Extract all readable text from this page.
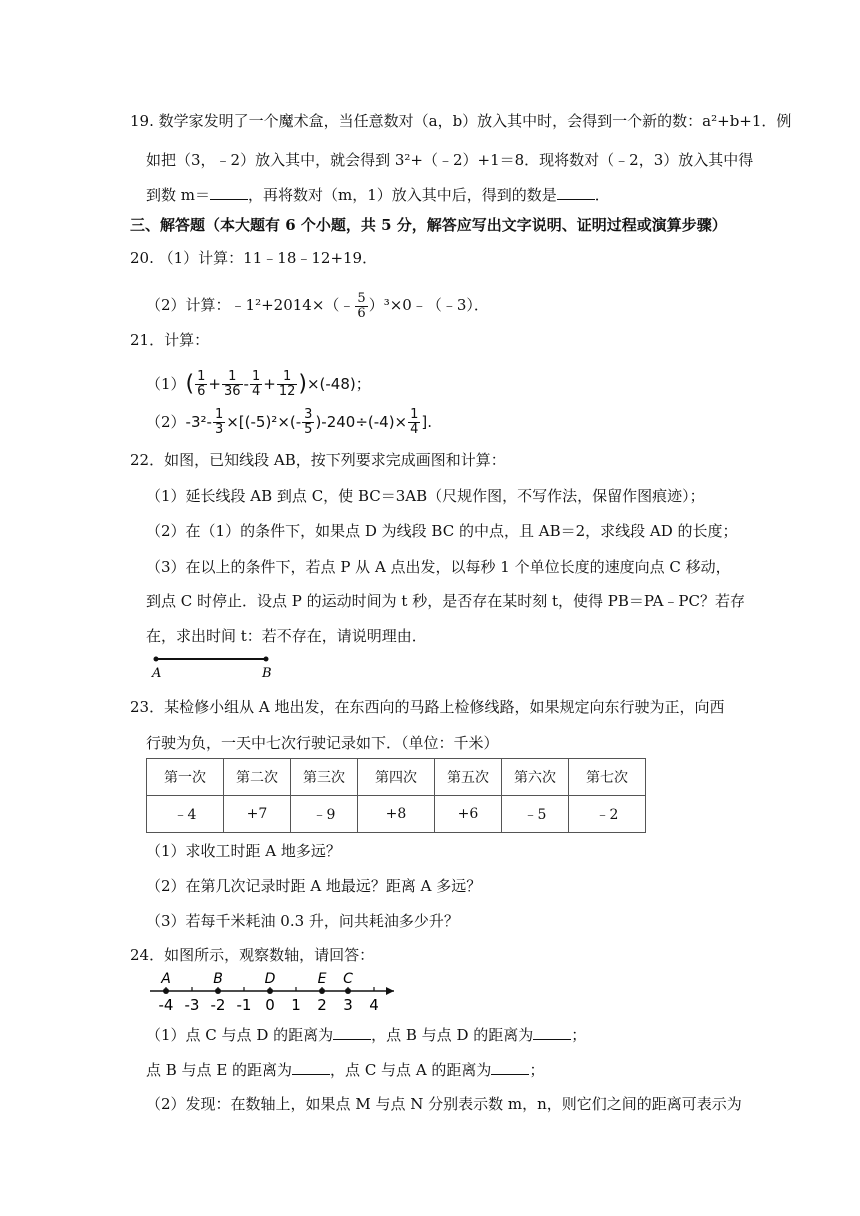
19. 数学家发明了一个魔术盒，当任意数对（a，b）放入其中时，会得到一个新的数：a²+b+1．例
如把（3，﹣2）放入其中，就会得到 3²+（﹣2）+1＝8．现将数对（﹣2，3）放入其中得
到数 m＝	，再将数对（m，1）放入其中后，得到的数是	．
三、解答题（本大题有 6 个小题，共 5 分，解答应写出文字说明、证明过程或演算步骤）
20. （1）计算：11﹣18﹣12+19．
（2）计算：﹣1²+2014×（﹣ $\frac{5}{6}$ ）³×0﹣（﹣3）．
21．计算：
$(1)( \frac{1}{6} + \frac{1}{36} - \frac{1}{4} + \frac{1}{12} )\times(-48)$；
$(2)-3^2- \frac{1}{3} \times[(-5)^2\times(- \frac{3}{5} )-240\div(-4)\times \frac{1}{4}$ ].
22．如图，已知线段 AB，按下列要求完成画图和计算：
（1）延长线段 AB 到点 C，使 BC＝3AB（尺规作图，不写作法，保留作图痕迹）；
（2）在（1）的条件下，如果点 D 为线段 BC 的中点，且 AB＝2，求线段 AD 的长度；
（3）在以上的条件下，若点 P 从 A 点出发，以每秒 1 个单位长度的速度向点 C 移动，
到点 C 时停止．设点 P 的运动时间为 t 秒，是否存在某时刻 t，使得 PB＝PA﹣PC？若存
在，求出时间 t：若不存在，请说明理由．
A	B
23．某检修小组从 A 地出发，在东西向的马路上检修线路，如果规定向东行驶为正，向西
行驶为负，一天中七次行驶记录如下．（单位：千米）
第一次	第二次	第三次	第四次	第五次	第六次	第七次
﹣4	+7	﹣9	+8	+6	﹣5	﹣2
（1）求收工时距 A 地多远？
（2）在第几次记录时距 A 地最远？距离 A 多远？
（3）若每千米耗油 0.3 升，问共耗油多少升？
24．如图所示，观察数轴，请回答：
-4 -3 -2 -1 0 1 2 3 4
A	B	D	E C
（1）点 C 与点 D 的距离为	，点 B 与点 D 的距离为	；
点 B 与点 E 的距离为	，点 C 与点 A 的距离为	；
（2）发现：在数轴上，如果点 M 与点 N 分别表示数 m，n，则它们之间的距离可表示为
